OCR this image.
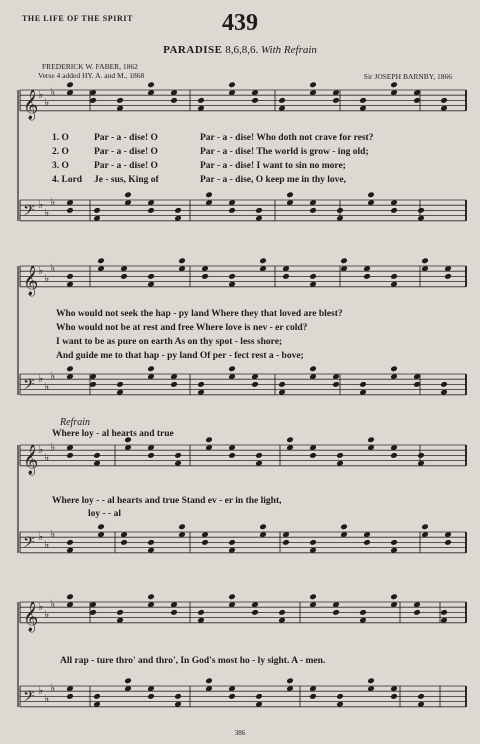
THE LIFE OF THE SPIRIT	439
PARADISE 8,6,8,6. With Refrain
FREDERICK W. FABER, 1862
Verse 4 added HY. A. and M., 1868	Sir JOSEPH BARNBY, 1866
𝄞 ♭
♭
♭
𝄢 ♭
♭
♭
𝄞 ♭
♭
♭
𝄢 ♭
♭
♭
𝄞 ♭
♭
♭
𝄢 ♭
♭
♭
𝄞 ♭
♭
♭
𝄢 ♭
♭
♭
1. O	Par - a - dise! O	Par - a - dise! Who doth not crave for rest?
2. O	Par - a - dise! O	Par - a - dise! The world is grow - ing old;
3. O	Par - a - dise! O	Par - a - dise! I want to sin no more;
4. Lord Je - sus, King of	Par - a - dise, O keep me in thy love,
Who would not seek the hap - py land Where they that loved are blest?
Who would not be at rest and free Where love is nev - er cold?
I want to be as pure on earth As on thy spot - less shore;
And guide me to that hap - py land Of per - fect rest a - bove;
Refrain
Where loy - al hearts and true
Where loy - - al hearts and true Stand ev - er in the light,
loy - - al
All rap - ture thro' and thro', In God's most ho - ly sight. A - men.
386
